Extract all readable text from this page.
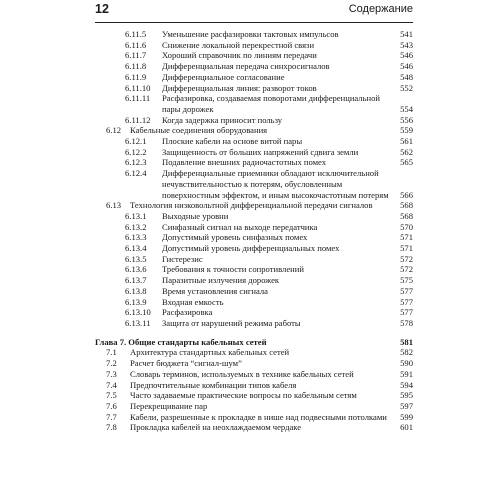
12	Содержание
6.11.5 Уменьшение расфазировки тактовых импульсов	541
6.11.6 Снижение локальной перекрестной связи	543
6.11.7 Хороший справочник по линиям передачи	546
6.11.8 Дифференциальная передача синхросигналов	546
6.11.9 Дифференциальное согласование	548
6.11.10 Дифференциальная линия: разворот токов	552
6.11.11 Расфазировка, создаваемая поворотами дифференциальной пары дорожек	554
6.11.12 Когда задержка приносит пользу	556
6.12 Кабельные соединения оборудования	559
6.12.1 Плоские кабели на основе витой пары	561
6.12.2 Защищенность от больших напряжений сдвига земли	562
6.12.3 Подавление внешних радиочастотных помех	565
6.12.4 Дифференциальные приемники обладают исключительной нечувствительностью к потерям, обусловленным поверхностным эффектом, и иным высокочастотным потерям	566
6.13 Технология низковольтной дифференциальной передачи сигналов	568
6.13.1 Выходные уровни	568
6.13.2 Синфазный сигнал на выходе передатчика	570
6.13.3 Допустимый уровень синфазных помех	571
6.13.4 Допустимый уровень дифференциальных помех	571
6.13.5 Гистерезис	572
6.13.6 Требования к точности сопротивлений	572
6.13.7 Паразитные излучения дорожек	575
6.13.8 Время установления сигнала	577
6.13.9 Входная емкость	577
6.13.10 Расфазировка	577
6.13.11 Защита от нарушений режима работы	578
Глава 7. Общие стандарты кабельных сетей	581
7.1 Архитектура стандартных кабельных сетей	582
7.2 Расчет бюджета “сигнал-шум”	590
7.3 Словарь терминов, используемых в технике кабельных сетей	591
7.4 Предпочтительные комбинации типов кабеля	594
7.5 Часто задаваемые практические вопросы по кабельным сетям	595
7.6 Перекрещивание пар	597
7.7 Кабели, разрешенные к прокладке в нише над подвесными потолками	599
7.8 Прокладка кабелей на неохлаждаемом чердаке	601
